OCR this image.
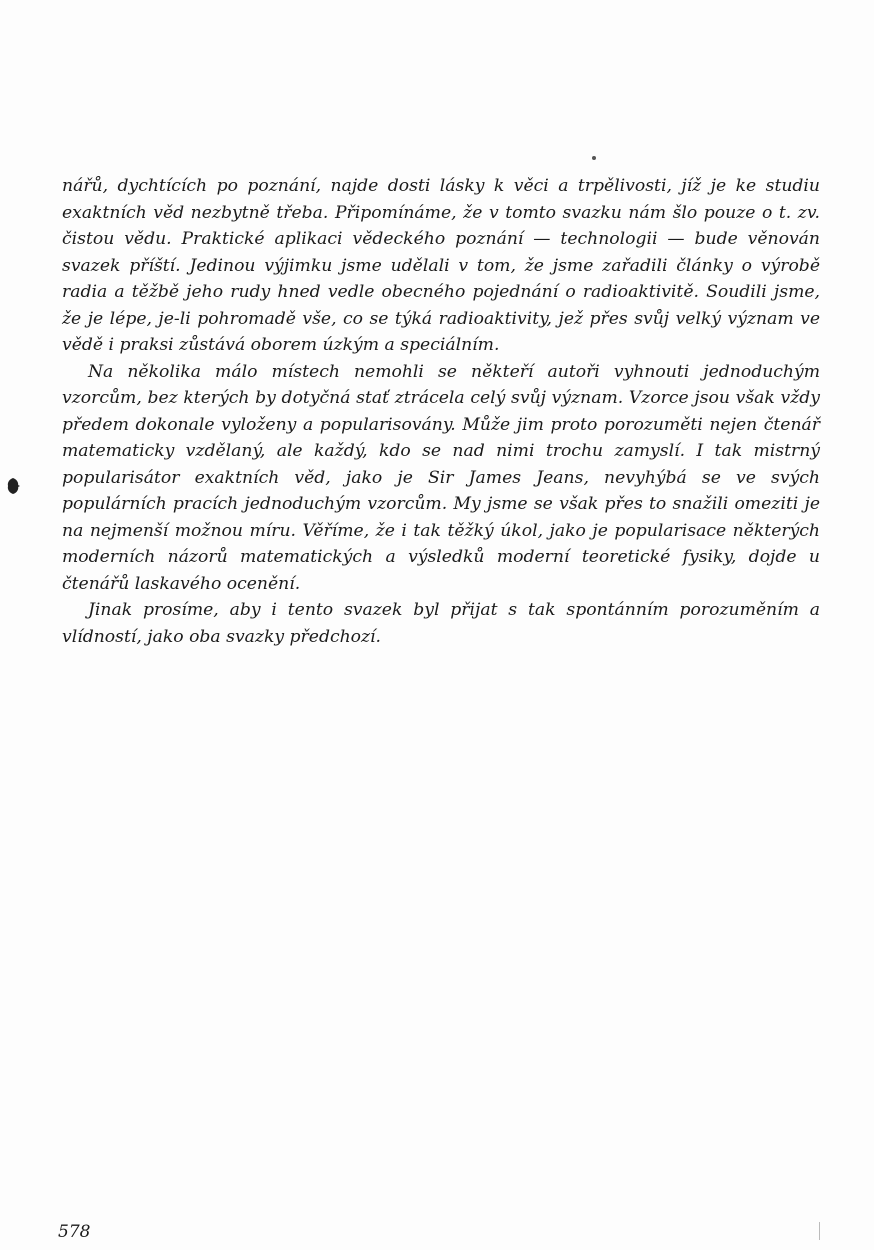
nářů, dychtících po poznání, najde dosti lásky k věci a trpělivosti, jíž je ke studiu exaktních věd nezbytně třeba. Připomínáme, že v tomto svazku nám šlo pouze o t. zv. čistou vědu. Praktické aplikaci vědeckého poznání — technologii — bude věnován svazek příští. Jedinou výjimku jsme udělali v tom, že jsme zařadili články o výrobě radia a těžbě jeho rudy hned vedle obecného pojednání o radioaktivitě. Soudili jsme, že je lépe, je-li pohromadě vše, co se týká radioaktivity, jež přes svůj velký význam ve vědě i praksi zůstává oborem úzkým a speciálním.

Na několika málo místech nemohli se někteří autoři vyhnouti jednoduchým vzorcům, bez kterých by dotyčná stať ztrácela celý svůj význam. Vzorce jsou však vždy předem dokonale vyloženy a popularisovány. Může jim proto porozuměti nejen čtenář matematicky vzdělaný, ale každý, kdo se nad nimi trochu zamyslí. I tak mistrný popularisátor exaktních věd, jako je Sir James Jeans, nevyhýbá se ve svých populárních pracích jednoduchým vzorcům. My jsme se však přes to snažili omeziti je na nejmenší možnou míru. Věříme, že i tak těžký úkol, jako je popularisace některých moderních názorů matematických a výsledků moderní teoretické fysiky, dojde u čtenářů laskavého ocenění.

Jinak prosíme, aby i tento svazek byl přijat s tak spontánním porozuměním a vlídností, jako oba svazky předchozí.

578
